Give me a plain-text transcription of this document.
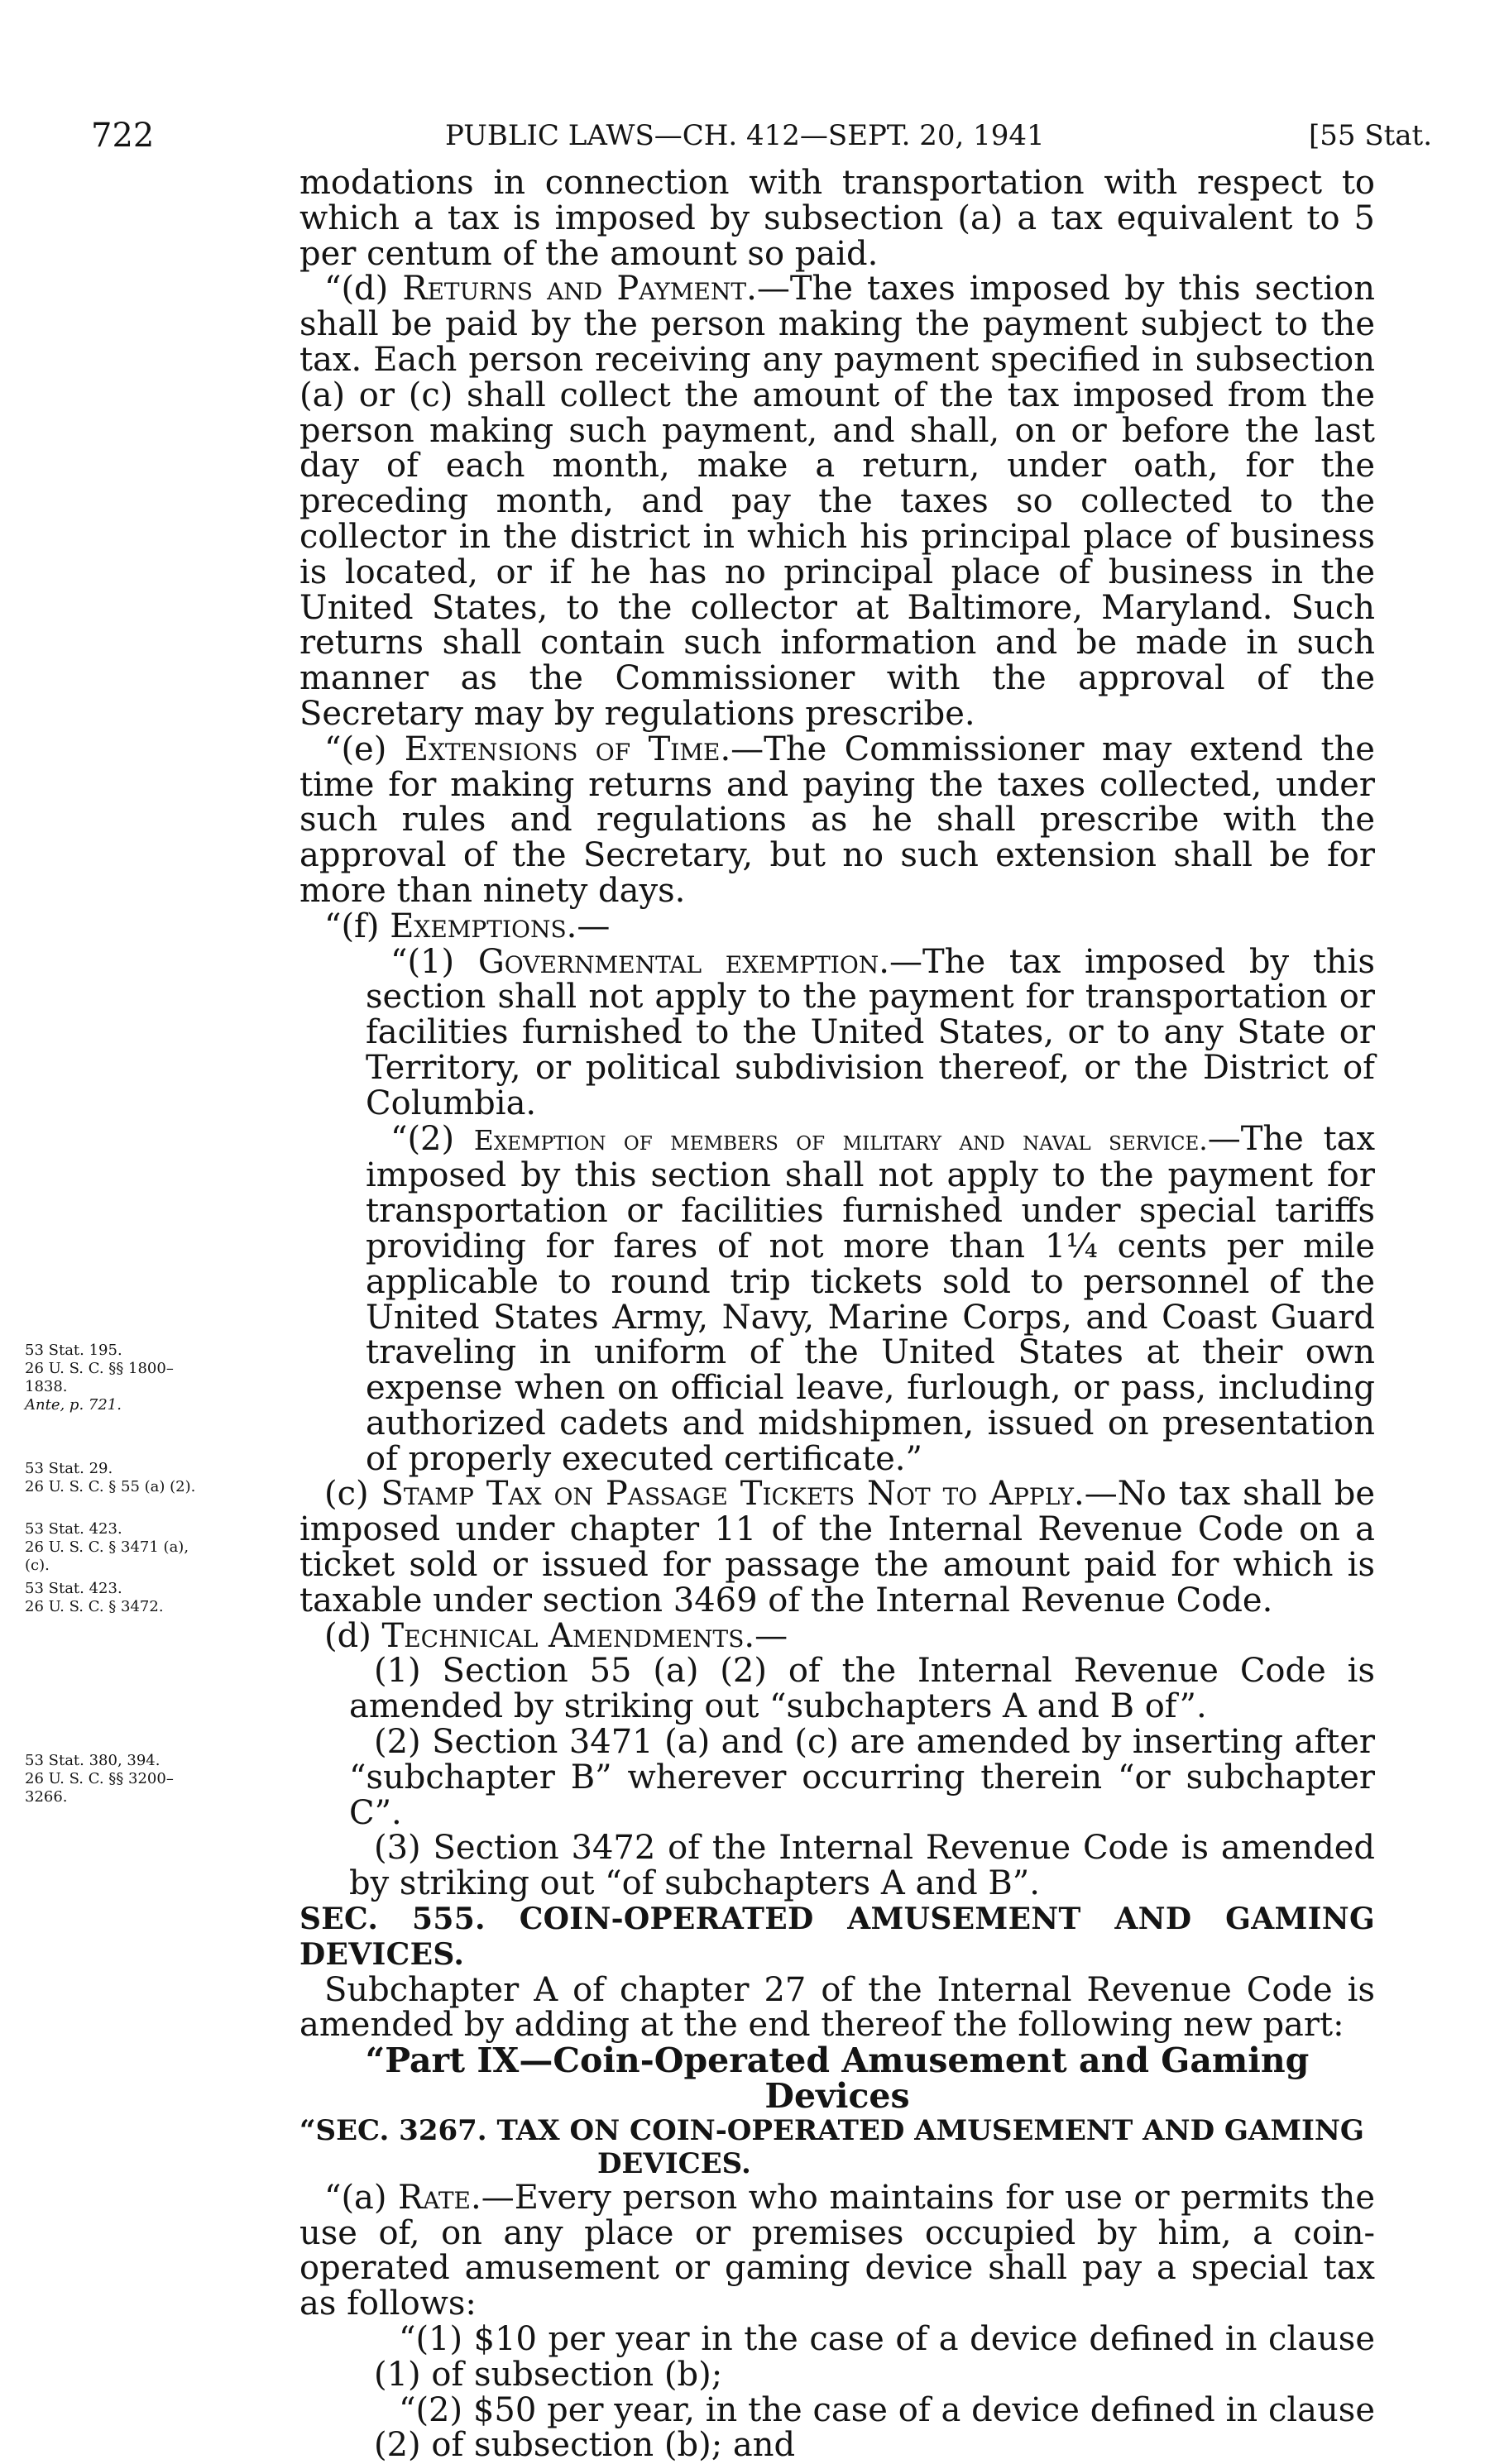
722	PUBLIC LAWS—CH. 412—SEPT. 20, 1941	[55 Stat.

53 Stat. 195.

26 U. S. C. §§ 1800–1838.

Ante, p. 721.

53 Stat. 29.

26 U. S. C. § 55 (a) (2).

53 Stat. 423.

26 U. S. C. § 3471 (a), (c).

53 Stat. 423.

26 U. S. C. § 3472.

53 Stat. 380, 394.

26 U. S. C. §§ 3200–3266.

modations in connection with transportation with respect to which a tax is imposed by subsection (a) a tax equivalent to 5 per centum of the amount so paid.

“(d) Returns and Payment.—The taxes imposed by this section shall be paid by the person making the payment subject to the tax. Each person receiving any payment specified in subsection (a) or (c) shall collect the amount of the tax imposed from the person making such payment, and shall, on or before the last day of each month, make a return, under oath, for the preceding month, and pay the taxes so collected to the collector in the district in which his principal place of business is located, or if he has no principal place of business in the United States, to the collector at Baltimore, Maryland. Such returns shall contain such information and be made in such manner as the Commissioner with the approval of the Secretary may by regulations prescribe.

“(e) Extensions of Time.—The Commissioner may extend the time for making returns and paying the taxes collected, under such rules and regulations as he shall prescribe with the approval of the Secretary, but no such extension shall be for more than ninety days.

“(f) Exemptions.—

“(1) Governmental exemption.—The tax imposed by this section shall not apply to the payment for transportation or facilities furnished to the United States, or to any State or Territory, or political subdivision thereof, or the District of Columbia.

“(2) Exemption of members of military and naval service.—The tax imposed by this section shall not apply to the payment for transportation or facilities furnished under special tariffs providing for fares of not more than 1¼ cents per mile applicable to round trip tickets sold to personnel of the United States Army, Navy, Marine Corps, and Coast Guard traveling in uniform of the United States at their own expense when on official leave, furlough, or pass, including authorized cadets and midshipmen, issued on presentation of properly executed certificate.”

(c) Stamp Tax on Passage Tickets Not to Apply.—No tax shall be imposed under chapter 11 of the Internal Revenue Code on a ticket sold or issued for passage the amount paid for which is taxable under section 3469 of the Internal Revenue Code.

(d) Technical Amendments.—

(1) Section 55 (a) (2) of the Internal Revenue Code is amended by striking out “subchapters A and B of”.

(2) Section 3471 (a) and (c) are amended by inserting after “subchapter B” wherever occurring therein “or subchapter C”.

(3) Section 3472 of the Internal Revenue Code is amended by striking out “of subchapters A and B”.

SEC. 555. COIN-OPERATED AMUSEMENT AND GAMING DEVICES.

Subchapter A of chapter 27 of the Internal Revenue Code is amended by adding at the end thereof the following new part:

“Part IX—Coin-Operated Amusement and Gaming Devices

“SEC. 3267. TAX ON COIN-OPERATED AMUSEMENT AND GAMING
DEVICES.

“(a) Rate.—Every person who maintains for use or permits the use of, on any place or premises occupied by him, a coin-operated amusement or gaming device shall pay a special tax as follows:

“(1) $10 per year in the case of a device defined in clause (1) of subsection (b);

“(2) $50 per year, in the case of a device defined in clause (2) of subsection (b); and
